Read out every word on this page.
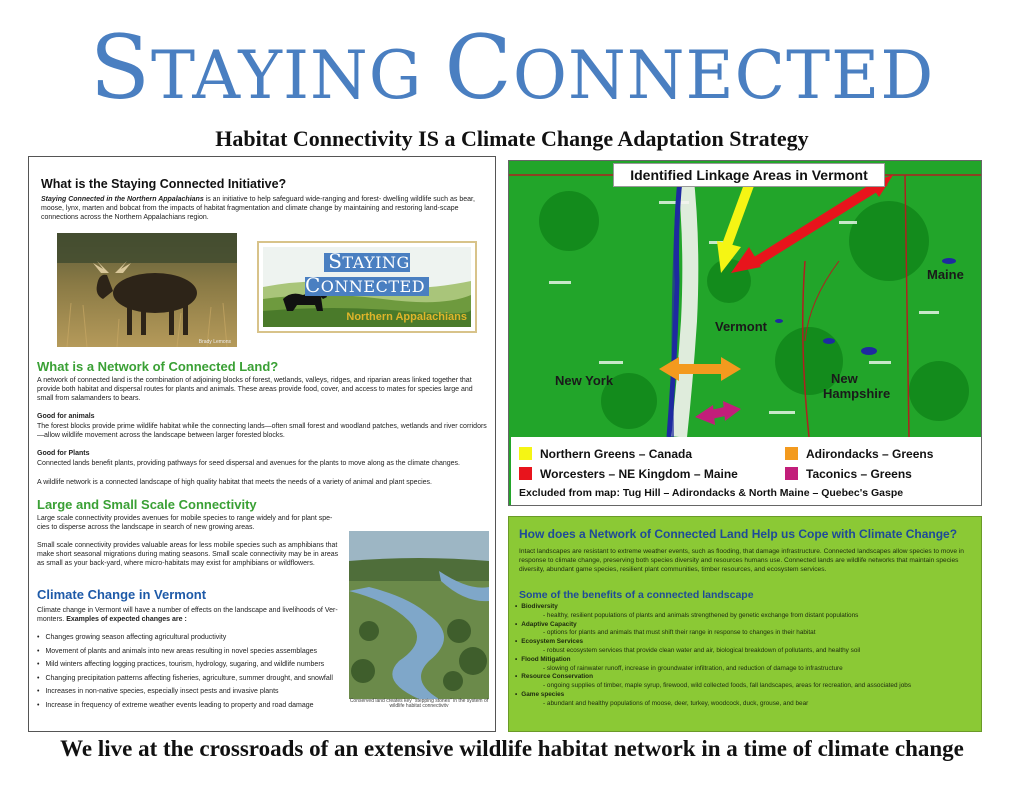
STAYING CONNECTED
Habitat Connectivity IS a Climate Change Adaptation Strategy
What is the Staying Connected Initiative?
Staying Connected in the Northern Appalachians is an initiative to help safeguard wide-ranging and forest- dwelling wildlife such as bear, moose, lynx, marten and bobcat from the impacts of habitat fragmentation and climate change by maintaining and restoring land-scape connections across the Northern Appalachians region.
Brady Lemons
STAYING CONNECTED
Northern Appalachians
What is a Network of Connected Land?
A network of connected land is the combination of adjoining blocks of forest, wetlands, valleys, ridges, and riparian areas linked together that provide both habitat and dispersal routes for plants and animals. These areas provide food, cover, and access to mates for species large and small from salamanders to bears.
Good for animals
The forest blocks provide prime wildlife habitat while the connecting lands—often small forest and woodland patches, wetlands and river corridors—allow wildlife movement across the landscape between larger forested blocks.
Good for Plants
Connected lands benefit plants, providing pathways for seed dispersal and avenues for the plants to move along as the climate changes.
A wildlife network is a connected landscape of high quality habitat that meets the needs of a variety of animal and plant species.
Large and Small Scale Connectivity
Large scale connectivity provides avenues for mobile species to range widely and for plant spe-cies to disperse across the landscape in search of new growing areas.
Small scale connectivity provides valuable areas for less mobile species such as amphibians that make short seasonal migrations during mating seasons. Small scale connectivity may be in areas as small as your back-yard, where micro-habitats may exist for amphibians or wildflowers.
Conserved land creates key "stepping stones" in the system of
wildlife habitat connectivity
Climate Change in Vermont
Climate change in Vermont will have a number of effects on the landscape and livelihoods of Ver-monters. Examples of expected changes are :
• Changes growing season affecting agricultural productivity
• Movement of plants and animals into new areas resulting in novel species assemblages
• Mild winters affecting logging practices, tourism, hydrology, sugaring, and wildlife numbers
• Changing precipitation patterns affecting fisheries, agriculture, summer drought, and snowfall
• Increases in non-native species, especially insect pests and invasive plants
• Increase in frequency of extreme weather events leading to property and road damage
Identified Linkage Areas in Vermont
Maine
Vermont
New York	New
Hampshire
Northern Greens – Canada	Adirondacks – Greens
Worcesters – NE Kingdom – Maine	Taconics – Greens
Excluded from map: Tug Hill – Adirondacks & North Maine – Quebec's Gaspe
How does a Network of Connected Land Help us Cope with Climate Change?
Intact landscapes are resistant to extreme weather events, such as flooding, that damage infrastructure. Connected landscapes allow species to move in response to climate change, preserving both species diversity and resources humans use. Connected lands are wildlife networks that maintain species diversity, abundant game species, resilient plant communities, timber resources, and ecosystem services.
Some of the benefits of a connected landscape
• Biodiversity
- healthy, resilient populations of plants and animals strengthened by genetic exchange from distant populations
• Adaptive Capacity
- options for plants and animals that must shift their range in response to changes in their habitat
• Ecosystem Services
- robust ecosystem services that provide clean water and air, biological breakdown of pollutants, and healthy soil
• Flood Mitigation
- slowing of rainwater runoff, increase in groundwater infiltration, and reduction of damage to infrastructure
• Resource Conservation
- ongoing supplies of timber, maple syrup, firewood, wild collected foods, fall landscapes, areas for recreation, and associated jobs
• Game species
- abundant and healthy populations of moose, deer, turkey, woodcock, duck, grouse, and bear
We live at the crossroads of an extensive wildlife habitat network in a time of climate change
